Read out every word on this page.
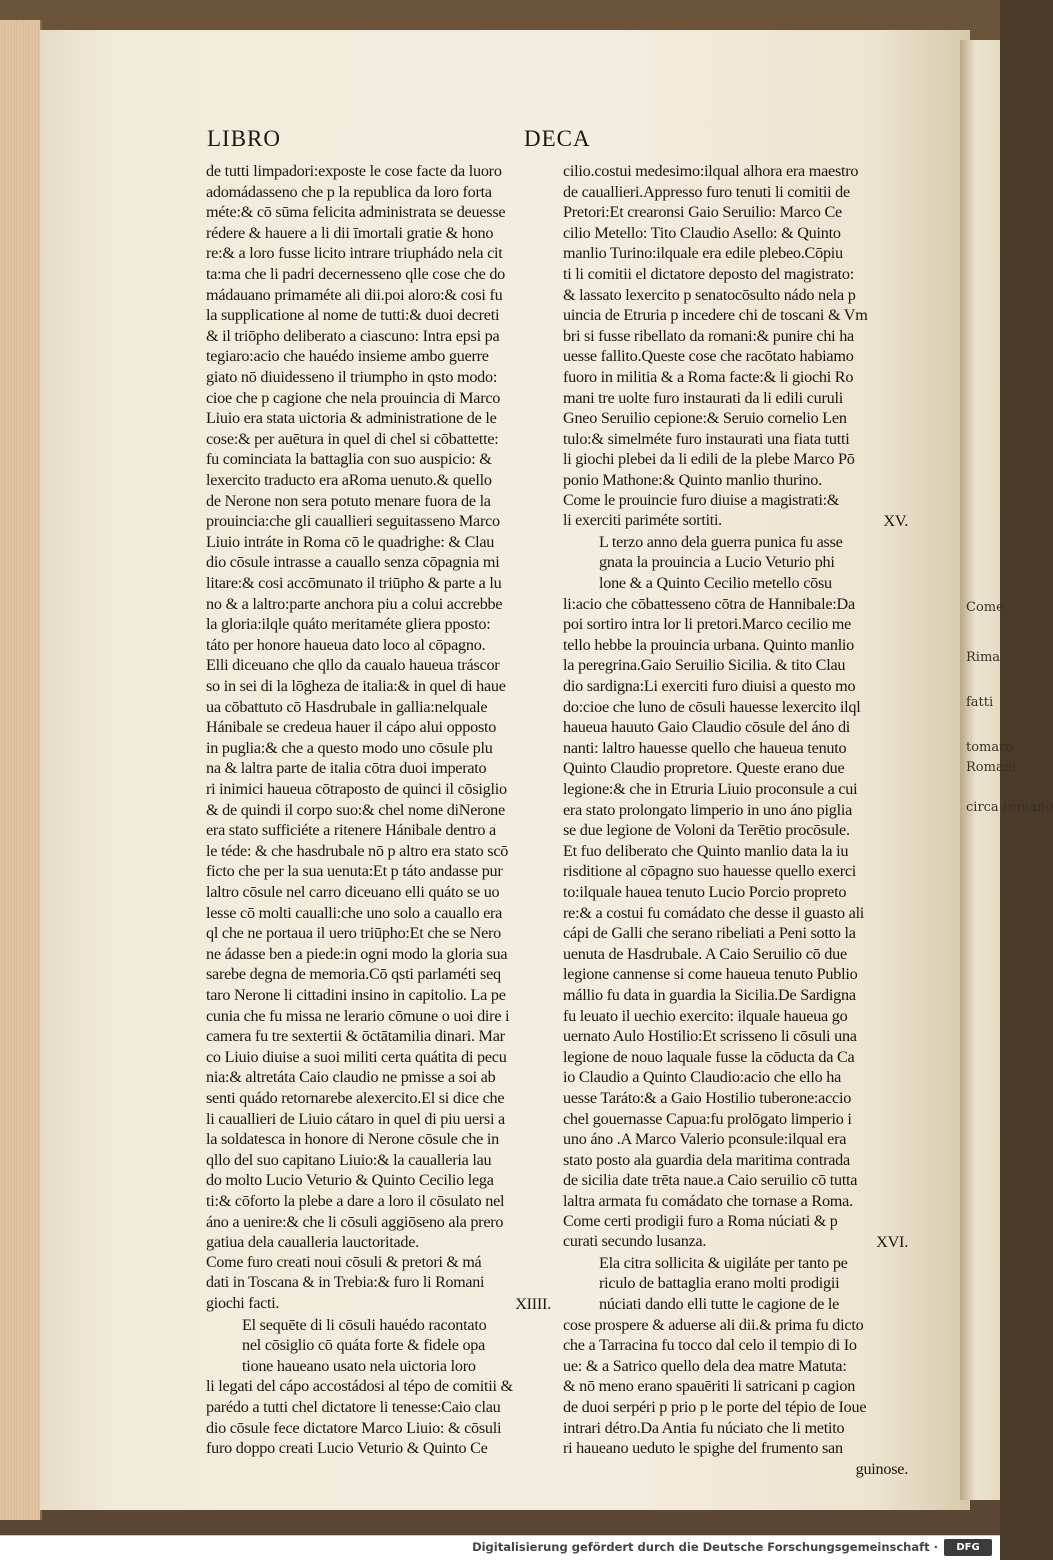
LIBRO	DECA
de tutti limpadori:exposte le cose facte da luoro
adomádasseno che p la republica da loro forta
méte:& cō sūma felicita administrata se deuesse
rédere & hauere a li dii īmortali gratie & hono
re:& a loro fusse licito intrare triuphádo nela cit
ta:ma che li padri decernesseno qlle cose che do
mádauano primaméte ali dii.poi aloro:& cosi fu
la supplicatione al nome de tutti:& duoi decreti
& il triōpho deliberato a ciascuno: Intra epsi pa
tegiaro:acio che hauédo insieme ambo guerre
giato nō diuidesseno il triumpho in qsto modo:
cioe che p cagione che nela prouincia di Marco
Liuio era stata uictoria & administratione de le
cose:& per auētura in quel di chel si cōbattette:
fu cominciata la battaglia con suo auspicio: &
lexercito traducto era aRoma uenuto.& quello
de Nerone non sera potuto menare fuora de la
prouincia:che gli cauallieri seguitasseno Marco
Liuio intráte in Roma cō le quadrighe: & Clau
dio cōsule intrasse a cauallo senza cōpagnia mi
litare:& cosi accōmunato il triūpho & parte a lu
no & a laltro:parte anchora piu a colui accrebbe
la gloria:ilqle quáto meritaméte gliera pposto:
táto per honore haueua dato loco al cōpagno.
Elli diceuano che qllo da caualo haueua tráscor
so in sei di la lōgheza de italia:& in quel di haue
ua cōbattuto cō Hasdrubale in gallia:nelquale
Hánibale se credeua hauer il cápo alui opposto
in puglia:& che a questo modo uno cōsule plu
na & laltra parte de italia cōtra duoi imperato
ri inimici haueua cōtraposto de quinci il cōsiglio
& de quindi il corpo suo:& chel nome diNerone
era stato sufficiéte a ritenere Hánibale dentro a
le téde: & che hasdrubale nō p altro era stato scō
ficto che per la sua uenuta:Et p táto andasse pur
laltro cōsule nel carro diceuano elli quáto se uo
lesse cō molti caualli:che uno solo a cauallo era
ql che ne portaua il uero triūpho:Et che se Nero
ne ádasse ben a piede:in ogni modo la gloria sua
sarebe degna de memoria.Cō qsti parlaméti seq
taro Nerone li cittadini insino in capitolio. La pe
cunia che fu missa ne lerario cōmune o uoi dire i
camera fu tre sextertii & ōctātamilia dinari. Mar
co Liuio diuise a suoi militi certa quátita di pecu
nia:& altretáta Caio claudio ne pmisse a soi ab
senti quádo retornarebe alexercito.El si dice che
li cauallieri de Liuio cátaro in quel di piu uersi a
la soldatesca in honore di Nerone cōsule che in
qllo del suo capitano Liuio:& la caualleria lau
do molto Lucio Veturio & Quinto Cecilio lega
ti:& cōforto la plebe a dare a loro il cōsulato nel
áno a uenire:& che li cōsuli aggiōseno ala prero
gatiua dela caualleria lauctoritade.
Come furo creati noui cōsuli & pretori & má
dati in Toscana & in Trebia:& furo li Romani
giochi facti.	XIIII.
El sequēte di li cōsuli hauédo racontato
nel cōsiglio cō quáta forte & fidele opa
tione haueano usato nela uictoria loro
li legati del cápo accostádosi al tépo de comitii &
parédo a tutti chel dictatore li tenesse:Caio clau
dio cōsule fece dictatore Marco Liuio: & cōsuli
furo doppo creati Lucio Veturio & Quinto Ce
cilio.costui medesimo:ilqual alhora era maestro
de cauallieri.Appresso furo tenuti li comitii de
Pretori:Et crearonsi Gaio Seruilio: Marco Ce
cilio Metello: Tito Claudio Asello: & Quinto
manlio Turino:ilquale era edile plebeo.Cōpiu
ti li comitii el dictatore deposto del magistrato:
& lassato lexercito p senatocōsulto nádo nela p
uincia de Etruria p incedere chi de toscani & Vm
bri si fusse ribellato da romani:& punire chi ha
uesse fallito.Queste cose che racōtato habiamo
fuoro in militia & a Roma facte:& li giochi Ro
mani tre uolte furo instaurati da li edili curuli
Gneo Seruilio cepione:& Seruio cornelio Len
tulo:& simelméte furo instaurati una fiata tutti
li giochi plebei da li edili de la plebe Marco Pō
ponio Mathone:& Quinto manlio thurino.
Come le prouincie furo diuise a magistrati:&
li exerciti pariméte sortiti.	XV.
L terzo anno dela guerra punica fu asse
gnata la prouincia a Lucio Veturio phi
lone & a Quinto Cecilio metello cōsu
li:acio che cōbattesseno cōtra de Hannibale:Da
poi sortiro intra lor li pretori.Marco cecilio me
tello hebbe la prouincia urbana. Quinto manlio
la peregrina.Gaio Seruilio Sicilia. & tito Clau
dio sardigna:Li exerciti furo diuisi a questo mo
do:cioe che luno de cōsuli hauesse lexercito ilql
haueua hauuto Gaio Claudio cōsule del áno di
nanti: laltro hauesse quello che haueua tenuto
Quinto Claudio propretore. Queste erano due
legione:& che in Etruria Liuio proconsule a cui
era stato prolongato limperio in uno áno piglia
se due legione de Voloni da Terētio procōsule.
Et fuo deliberato che Quinto manlio data la iu
risditione al cōpagno suo hauesse quello exerci
to:ilquale hauea tenuto Lucio Porcio propreto
re:& a costui fu comádato che desse il guasto ali
cápi de Galli che serano ribeliati a Peni sotto la
uenuta de Hasdrubale. A Caio Seruilio cō due
legione cannense si come haueua tenuto Publio
mállio fu data in guardia la Sicilia.De Sardigna
fu leuato il uechio exercito: ilquale haueua go
uernato Aulo Hostilio:Et scrisseno li cōsuli una
legione de nouo laquale fusse la cōducta da Ca
io Claudio a Quinto Claudio:acio che ello ha
uesse Taráto:& a Gaio Hostilio tuberone:accio
chel gouernasse Capua:fu prolōgato limperio i
uno áno .A Marco Valerio pconsule:ilqual era
stato posto ala guardia dela maritima contrada
de sicilia date trēta naue.a Caio seruilio cō tutta
laltra armata fu comádato che tornase a Roma.
Come certi prodigii furo a Roma núciati & p
curati secundo lusanza.	XVI.
Ela citra sollicita & uigiláte per tanto pe
riculo de battaglia erano molti prodigii
núciati dando elli tutte le cagione de le
cose prospere & aduerse ali dii.& prima fu dicto
che a Tarracina fu tocco dal celo il tempio di Io
ue: & a Satrico quello dela dea matre Matuta:
& nō meno erano spauēriti li satricani p cagion
de duoi serpéri p prio p le porte del tépio de Ioue
intrari détro.Da Antia fu núciato che li metito
ri haueano ueduto le spighe del frumento san
guinose.
Come
Rima
fatti
tomaro
Romani
circa romano
Digitalisierung gefördert durch die Deutsche Forschungsgemeinschaft ·	DFG
